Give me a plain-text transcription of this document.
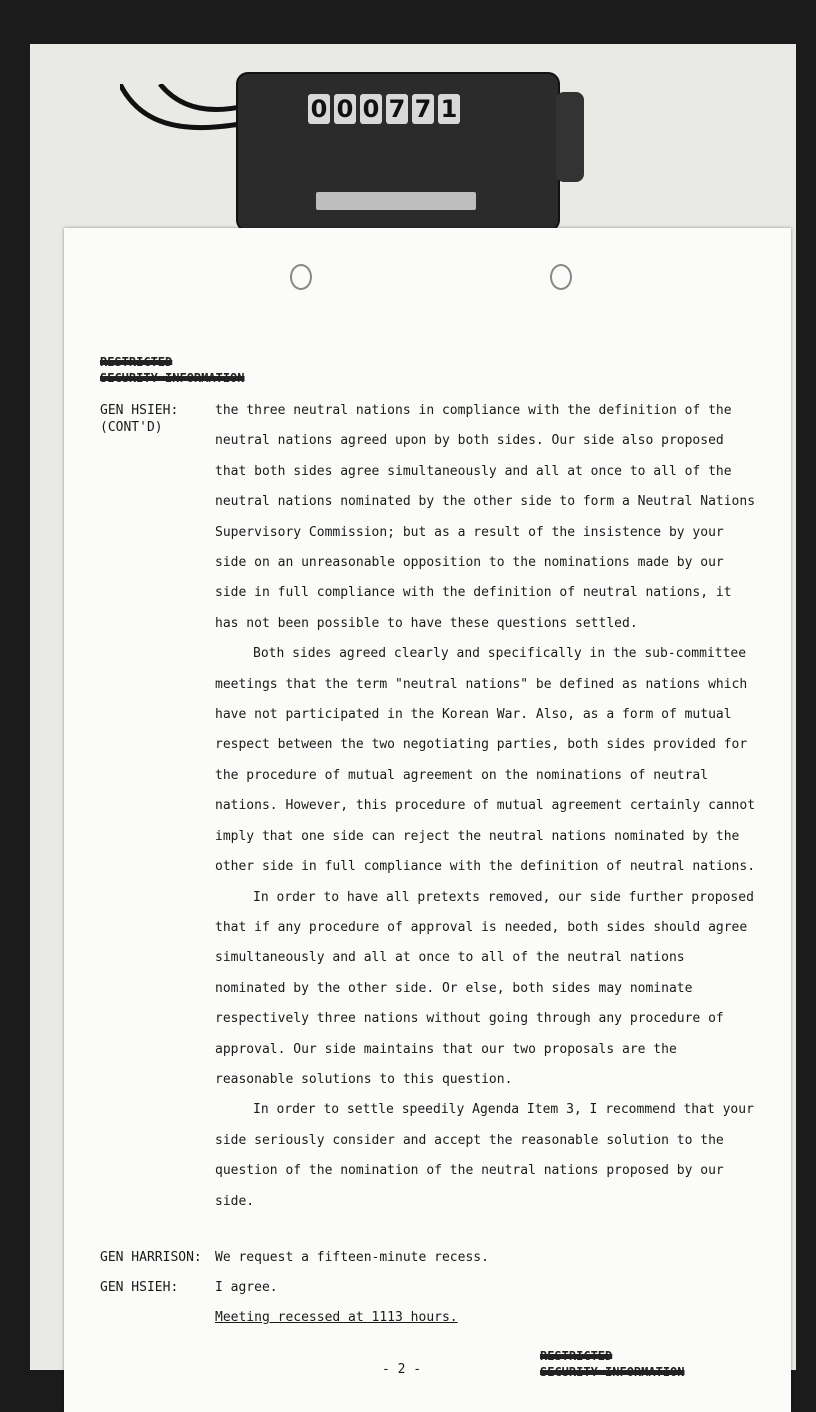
0 0 0 7 7 1
RESTRICTED
SECURITY INFORMATION
GEN HSIEH:
(CONT'D)

the three neutral nations in compliance with the definition of the neutral nations agreed upon by both sides. Our side also proposed that both sides agree simultaneously and all at once to all of the neutral nations nominated by the other side to form a Neutral Nations Supervisory Commission; but as a result of the insistence by your side on an unreasonable opposition to the nominations made by our side in full compliance with the definition of neutral nations, it has not been possible to have these questions settled.

Both sides agreed clearly and specifically in the sub-committee meetings that the term "neutral nations" be defined as nations which have not participated in the Korean War. Also, as a form of mutual respect between the two negotiating parties, both sides provided for the procedure of mutual agreement on the nominations of neutral nations. However, this procedure of mutual agreement certainly cannot imply that one side can reject the neutral nations nominated by the other side in full compliance with the definition of neutral nations.

In order to have all pretexts removed, our side further proposed that if any procedure of approval is needed, both sides should agree simultaneously and all at once to all of the neutral nations nominated by the other side. Or else, both sides may nominate respectively three nations without going through any procedure of approval. Our side maintains that our two proposals are the reasonable solutions to this question.

In order to settle speedily Agenda Item 3, I recommend that your side seriously consider and accept the reasonable solution to the question of the nomination of the neutral nations proposed by our side.

GEN HARRISON: We request a fifteen-minute recess.
GEN HSIEH:	I agree.
Meeting recessed at 1113 hours.
- 2 -
RESTRICTED
SECURITY INFORMATION
